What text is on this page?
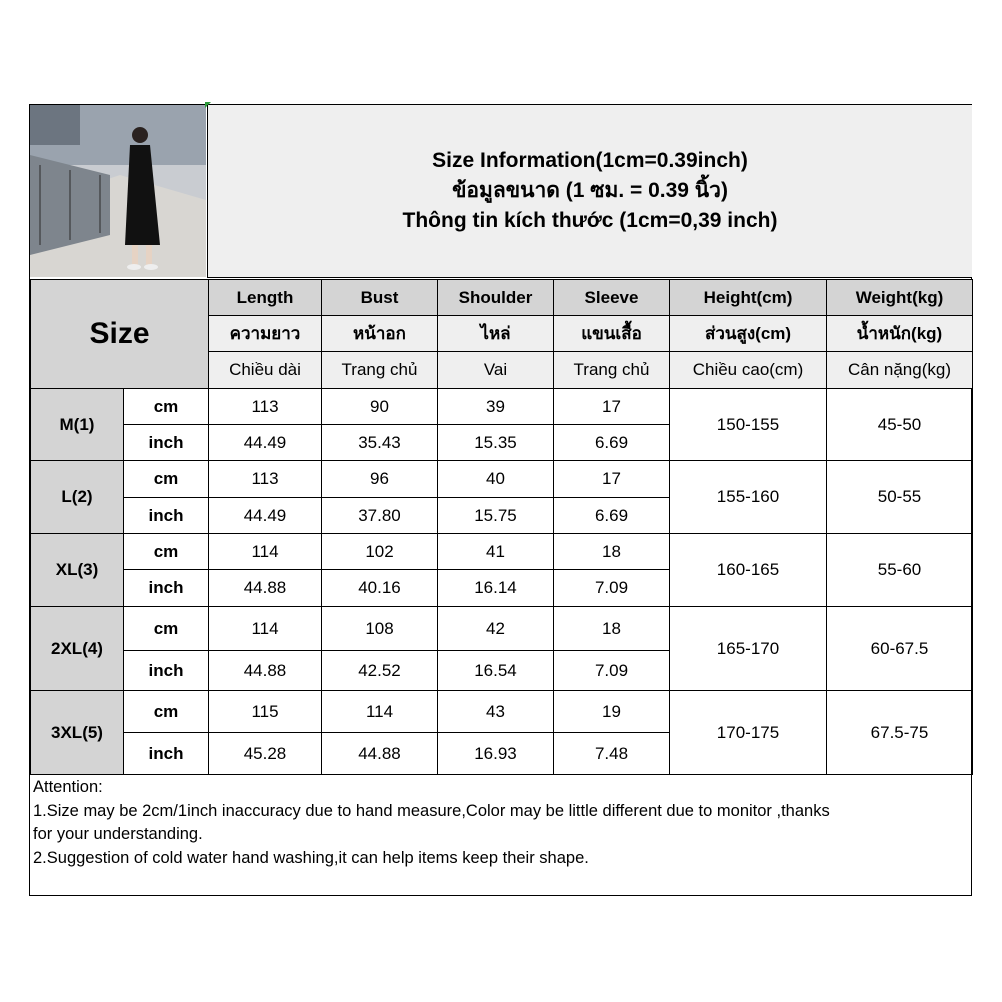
Size Information(1cm=0.39inch)
ข้อมูลขนาด (1 ซม. = 0.39 นิ้ว)
Thông tin kích thước (1cm=0,39 inch)
Size		Length	Bust	Shoulder	Sleeve	Height(cm)	Weight(kg)
		ความยาว	หน้าอก	ไหล่	แขนเสื้อ	ส่วนสูง(cm)	น้ำหนัก(kg)
		Chiều dài	Trang chủ	Vai	Trang chủ	Chiều cao(cm)	Cân nặng(kg)
M(1)	cm	113	90	39	17	150-155	45-50
	inch	44.49	35.43	15.35	6.69		
L(2)	cm	113	96	40	17	155-160	50-55
	inch	44.49	37.80	15.75	6.69		
XL(3)	cm	114	102	41	18	160-165	55-60
	inch	44.88	40.16	16.14	7.09		
2XL(4)	cm	114	108	42	18	165-170	60-67.5
	inch	44.88	42.52	16.54	7.09		
3XL(5)	cm	115	114	43	19	170-175	67.5-75
	inch	45.28	44.88	16.93	7.48		
Attention:
1.Size may be 2cm/1inch inaccuracy due to hand measure,Color may be little different due to monitor ,thanks
for your understanding.
2.Suggestion of cold water hand washing,it can help items keep their shape.
